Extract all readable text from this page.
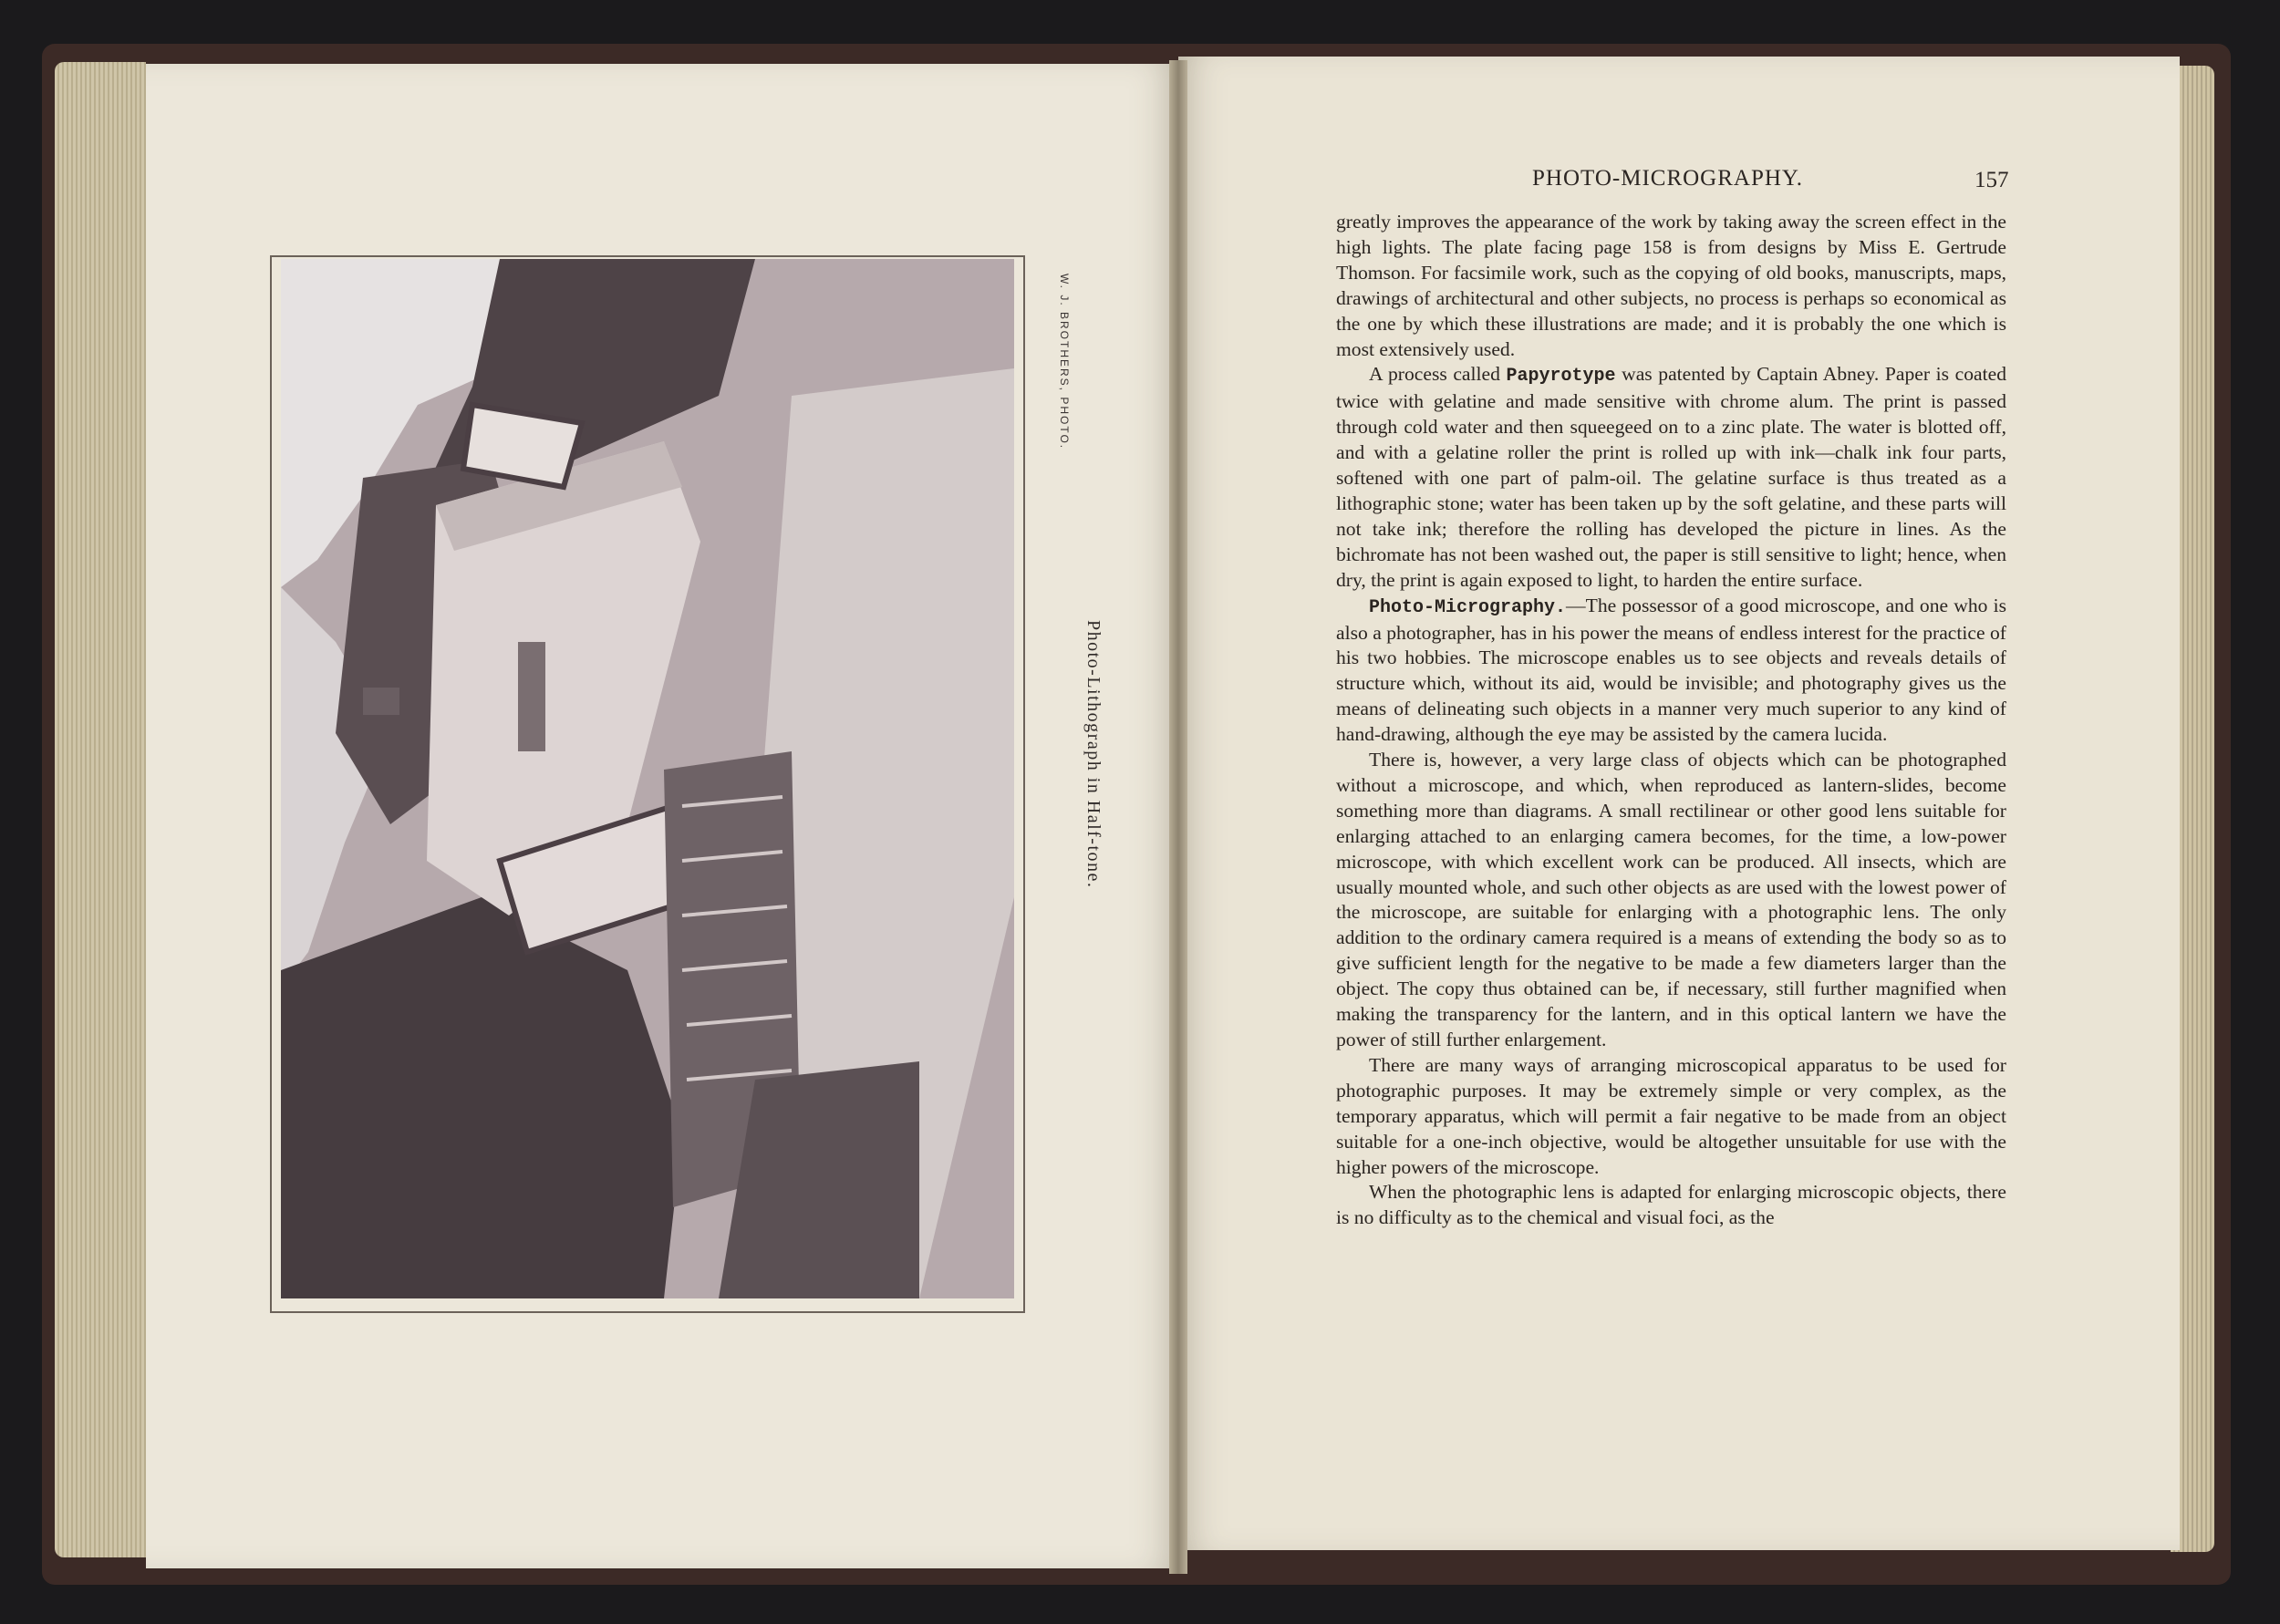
W. J. BROTHERS, PHOTO.
Photo-Lithograph in Half-tone.
PHOTO-MICROGRAPHY.	157

greatly improves the appearance of the work by taking away the screen effect in the high lights. The plate facing page 158 is from designs by Miss E. Gertrude Thomson. For facsimile work, such as the copying of old books, manuscripts, maps, drawings of architectural and other subjects, no process is perhaps so economical as the one by which these illustrations are made; and it is probably the one which is most extensively used.

A process called Papyrotype was patented by Captain Abney. Paper is coated twice with gelatine and made sensitive with chrome alum. The print is passed through cold water and then squeegeed on to a zinc plate. The water is blotted off, and with a gelatine roller the print is rolled up with ink—chalk ink four parts, softened with one part of palm-oil. The gelatine surface is thus treated as a lithographic stone; water has been taken up by the soft gelatine, and these parts will not take ink; therefore the rolling has developed the picture in lines. As the bichromate has not been washed out, the paper is still sensitive to light; hence, when dry, the print is again exposed to light, to harden the entire surface.

Photo-Micrography.—The possessor of a good microscope, and one who is also a photographer, has in his power the means of endless interest for the practice of his two hobbies. The microscope enables us to see objects and reveals details of structure which, without its aid, would be invisible; and photography gives us the means of delineating such objects in a manner very much superior to any kind of hand-drawing, although the eye may be assisted by the camera lucida.

There is, however, a very large class of objects which can be photographed without a microscope, and which, when reproduced as lantern-slides, become something more than diagrams. A small rectilinear or other good lens suitable for enlarging attached to an enlarging camera becomes, for the time, a low-power microscope, with which excellent work can be produced. All insects, which are usually mounted whole, and such other objects as are used with the lowest power of the microscope, are suitable for enlarging with a photographic lens. The only addition to the ordinary camera required is a means of extending the body so as to give sufficient length for the negative to be made a few diameters larger than the object. The copy thus obtained can be, if necessary, still further magnified when making the transparency for the lantern, and in this optical lantern we have the power of still further enlargement.

There are many ways of arranging microscopical apparatus to be used for photographic purposes. It may be extremely simple or very complex, as the temporary apparatus, which will permit a fair negative to be made from an object suitable for a one-inch objective, would be altogether unsuitable for use with the higher powers of the microscope.

When the photographic lens is adapted for enlarging microscopic objects, there is no difficulty as to the chemical and visual foci, as the
